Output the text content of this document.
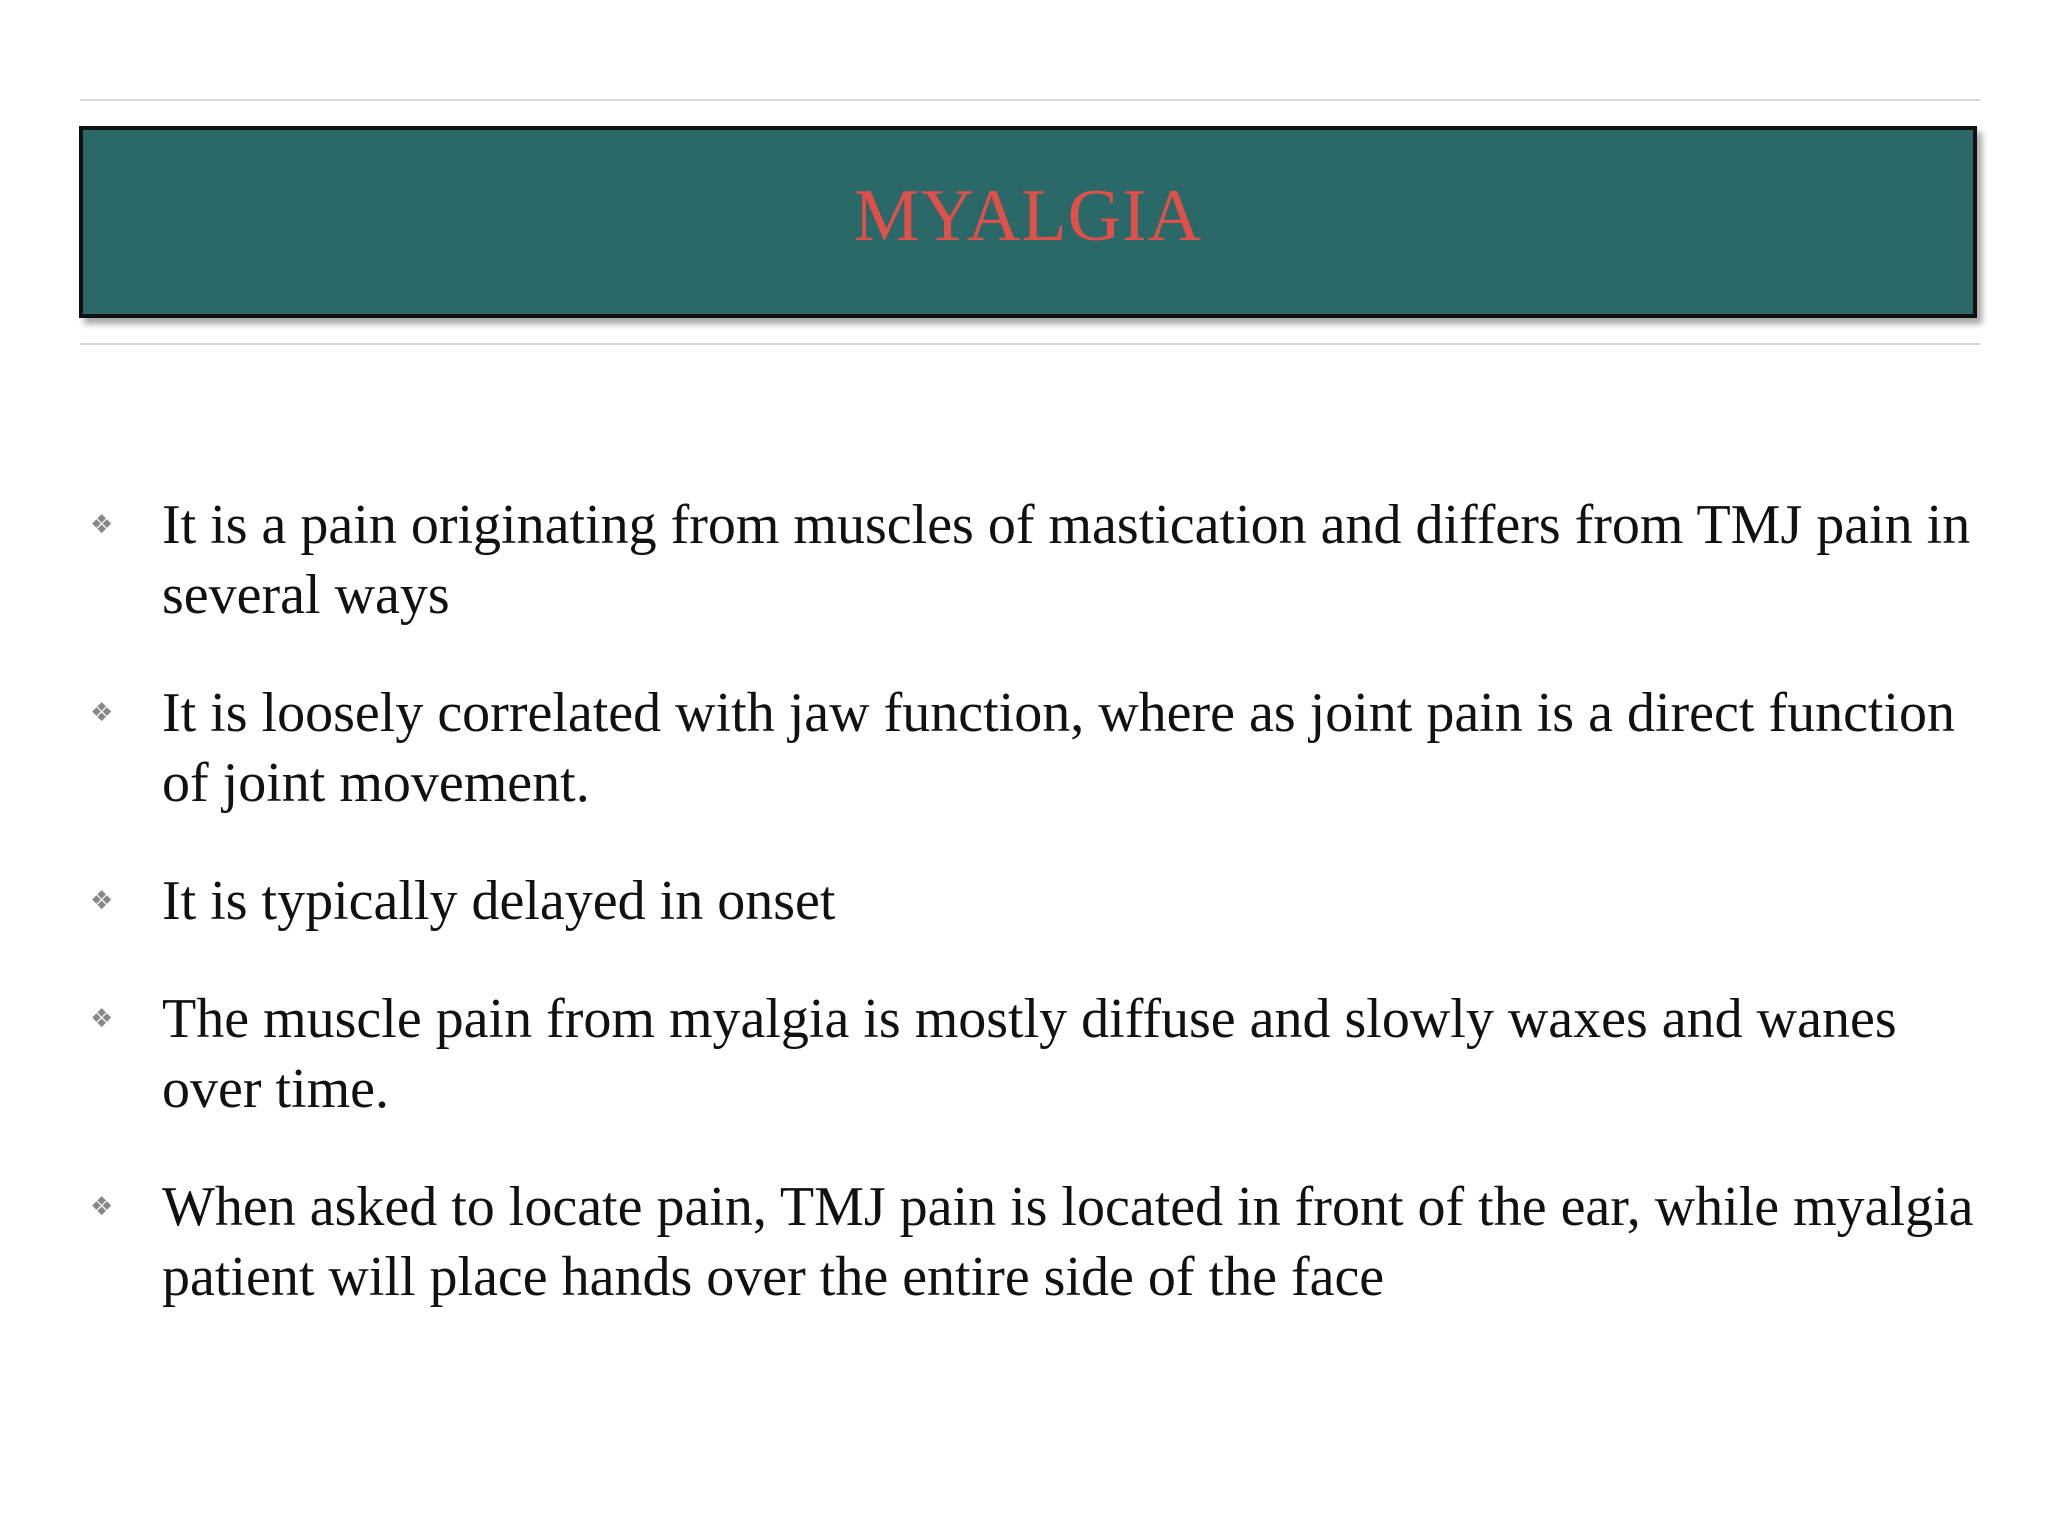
MYALGIA
❖ It is a pain originating from muscles of mastication and differs from TMJ pain in several ways
❖ It is loosely correlated with jaw function, where as joint pain is a direct function of joint movement.
❖ It is typically delayed in onset
❖ The muscle pain from myalgia is mostly diffuse and slowly waxes and wanes over time.
❖ When asked to locate pain, TMJ pain is located in front of the ear, while myalgia patient will place hands over the entire side of the face
